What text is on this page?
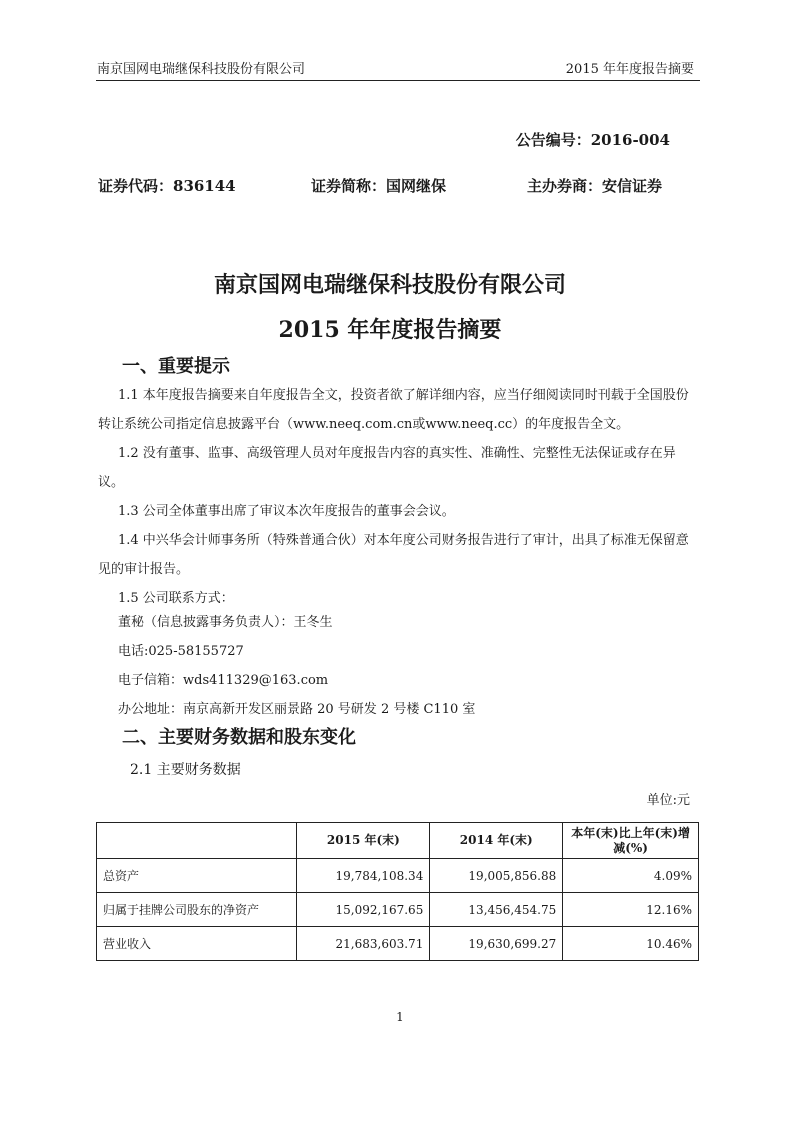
南京国网电瑞继保科技股份有限公司	2015 年年度报告摘要
公告编号：2016-004
证券代码：836144	证券简称：国网继保	主办券商：安信证券
南京国网电瑞继保科技股份有限公司
2015 年年度报告摘要
一、重要提示
1.1 本年度报告摘要来自年度报告全文，投资者欲了解详细内容，应当仔细阅读同时刊载于全国股份转让系统公司指定信息披露平台（www.neeq.com.cn或www.neeq.cc）的年度报告全文。
1.2 没有董事、监事、高级管理人员对年度报告内容的真实性、准确性、完整性无法保证或存在异议。
1.3 公司全体董事出席了审议本次年度报告的董事会会议。
1.4 中兴华会计师事务所（特殊普通合伙）对本年度公司财务报告进行了审计，出具了标准无保留意见的审计报告。
1.5 公司联系方式：
董秘（信息披露事务负责人）：王冬生
电话:025-58155727
电子信箱：wds411329@163.com
办公地址：南京高新开发区丽景路 20 号研发 2 号楼 C110 室
二、主要财务数据和股东变化
2.1 主要财务数据
单位:元
	2015 年(末)	2014 年(末)	本年(末)比上年(末)增减(%)
总资产	19,784,108.34	19,005,856.88	4.09%
归属于挂牌公司股东的净资产	15,092,167.65	13,456,454.75	12.16%
营业收入	21,683,603.71	19,630,699.27	10.46%
1
